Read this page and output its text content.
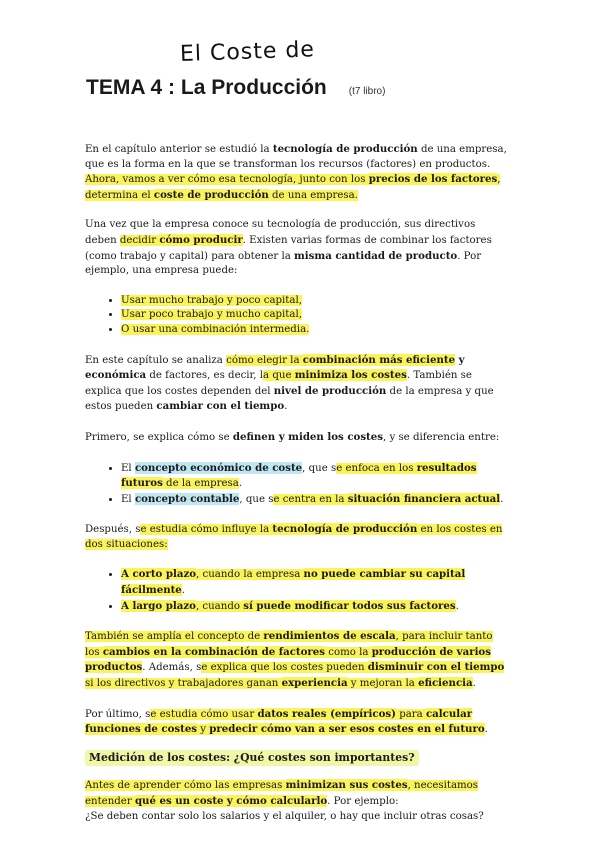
El Coste de
TEMA 4 : La Producción (t7 libro)

En el capítulo anterior se estudió la tecnología de producción de una empresa, que es la forma en la que se transforman los recursos (factores) en productos. Ahora, vamos a ver cómo esa tecnología, junto con los precios de los factores, determina el coste de producción de una empresa.

Una vez que la empresa conoce su tecnología de producción, sus directivos deben decidir cómo producir. Existen varias formas de combinar los factores (como trabajo y capital) para obtener la misma cantidad de producto. Por ejemplo, una empresa puede:

• Usar mucho trabajo y poco capital,
• Usar poco trabajo y mucho capital,
• O usar una combinación intermedia.

En este capítulo se analiza cómo elegir la combinación más eficiente y económica de factores, es decir, la que minimiza los costes. También se explica que los costes dependen del nivel de producción de la empresa y que estos pueden cambiar con el tiempo.

Primero, se explica cómo se definen y miden los costes, y se diferencia entre:

• El concepto económico de coste, que se enfoca en los resultados futuros de la empresa.
• El concepto contable, que se centra en la situación financiera actual.

Después, se estudia cómo influye la tecnología de producción en los costes en dos situaciones:

• A corto plazo, cuando la empresa no puede cambiar su capital fácilmente.
• A largo plazo, cuando sí puede modificar todos sus factores.

También se amplía el concepto de rendimientos de escala, para incluir tanto los cambios en la combinación de factores como la producción de varios productos. Además, se explica que los costes pueden disminuir con el tiempo si los directivos y trabajadores ganan experiencia y mejoran la eficiencia.

Por último, se estudia cómo usar datos reales (empíricos) para calcular funciones de costes y predecir cómo van a ser esos costes en el futuro.

Medición de los costes: ¿Qué costes son importantes?

Antes de aprender cómo las empresas minimizan sus costes, necesitamos entender qué es un coste y cómo calcularlo. Por ejemplo:
¿Se deben contar solo los salarios y el alquiler, o hay que incluir otras cosas?
